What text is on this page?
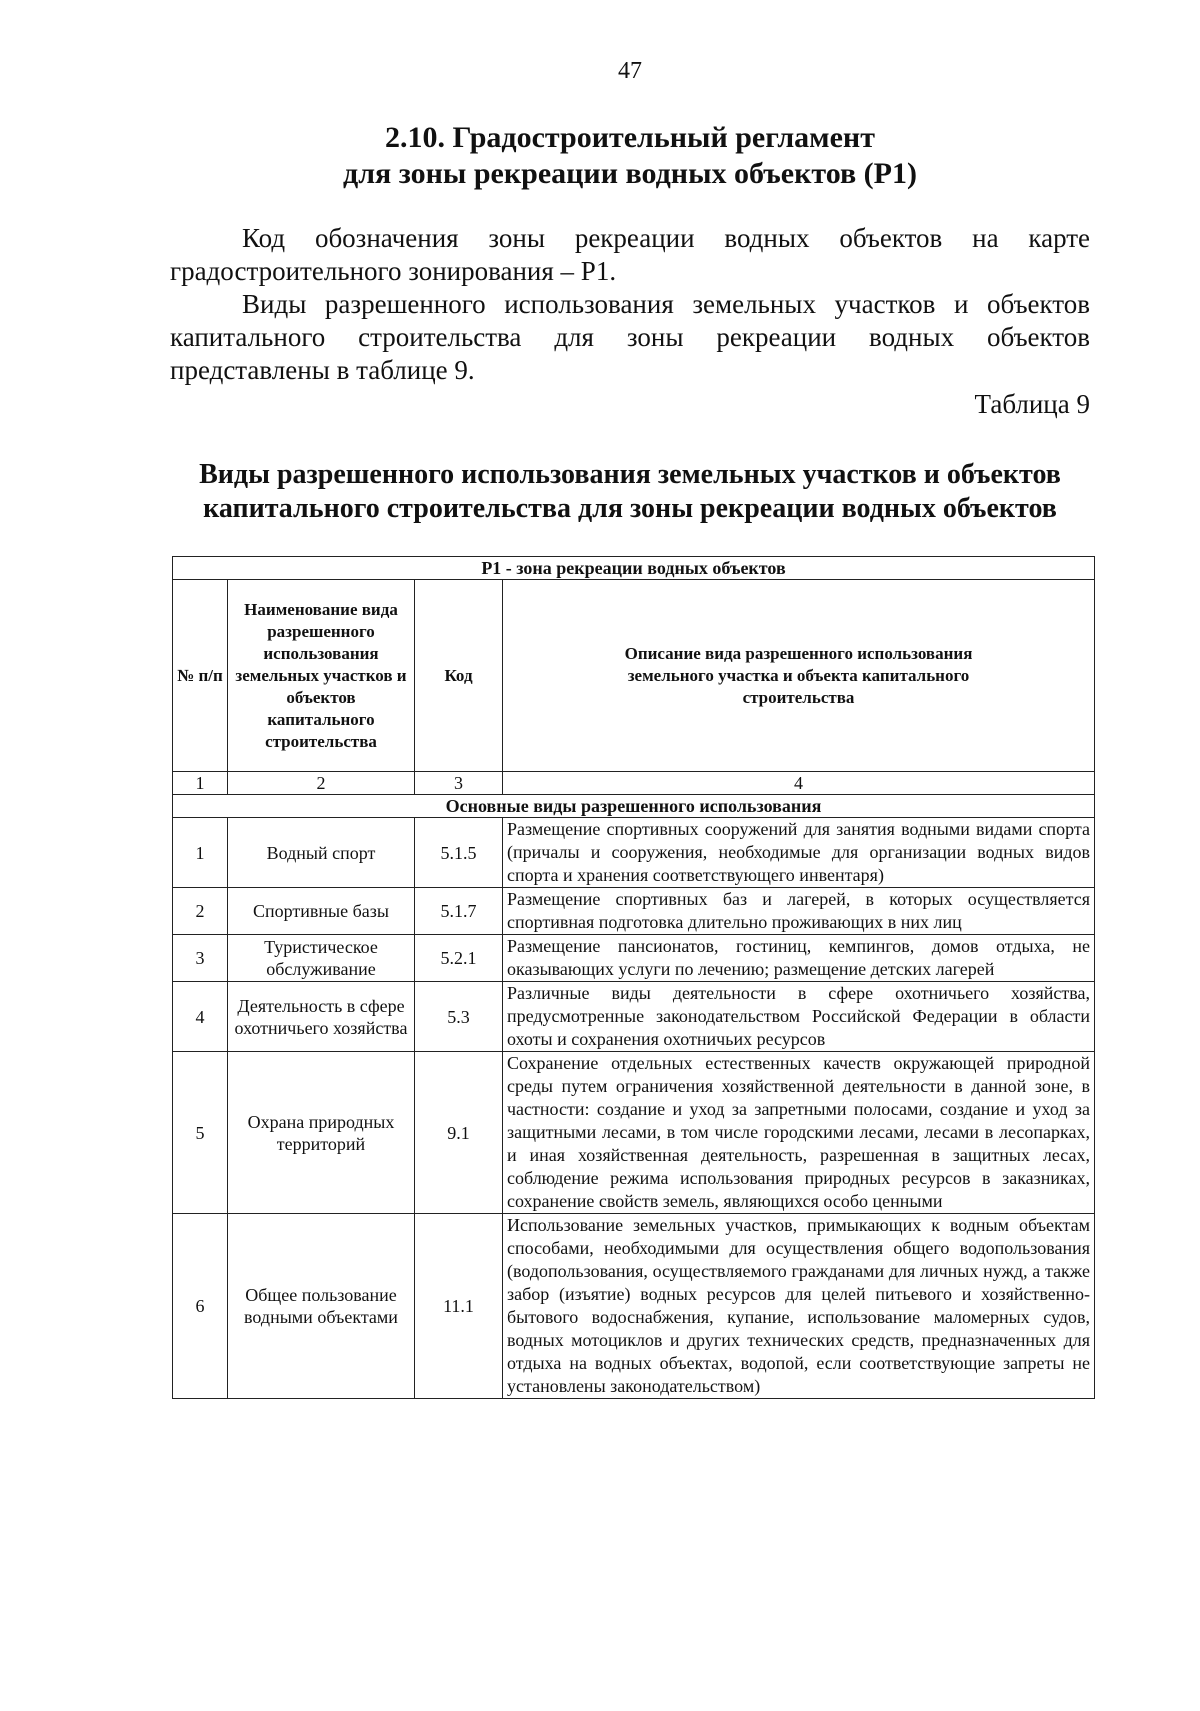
47
2.10. Градостроительный регламент
для зоны рекреации водных объектов (Р1)
Код обозначения зоны рекреации водных объектов на карте градостроительного зонирования – Р1.
Виды разрешенного использования земельных участков и объектов капитального строительства для зоны рекреации водных объектов представлены в таблице 9.
Таблица 9
Виды разрешенного использования земельных участков и объектов
капитального строительства для зоны рекреации водных объектов
Р1 - зона рекреации водных объектов			
№ п/п	Наименование вида разрешенного использования земельных участков и объектов капитального строительства	Код	Описание вида разрешенного использования земельного участка и объекта капитального строительства
1	2	3	4
Основные виды разрешенного использования			
1	Водный спорт	5.1.5	Размещение спортивных сооружений для занятия водными видами спорта (причалы и сооружения, необходимые для организации водных видов спорта и хранения соответствующего инвентаря)
2	Спортивные базы	5.1.7	Размещение спортивных баз и лагерей, в которых осуществляется спортивная подготовка длительно проживающих в них лиц
3	Туристическое обслуживание	5.2.1	Размещение пансионатов, гостиниц, кемпингов, домов отдыха, не оказывающих услуги по лечению; размещение детских лагерей
4	Деятельность в сфере охотничьего хозяйства	5.3	Различные виды деятельности в сфере охотничьего хозяйства, предусмотренные законодательством Российской Федерации в области охоты и сохранения охотничьих ресурсов
5	Охрана природных территорий	9.1	Сохранение отдельных естественных качеств окружающей природной среды путем ограничения хозяйственной деятельности в данной зоне, в частности: создание и уход за запретными полосами, создание и уход за защитными лесами, в том числе городскими лесами, лесами в лесопарках, и иная хозяйственная деятельность, разрешенная в защитных лесах, соблюдение режима использования природных ресурсов в заказниках, сохранение свойств земель, являющихся особо ценными
6	Общее пользование водными объектами	11.1	Использование земельных участков, примыкающих к водным объектам способами, необходимыми для осуществления общего водопользования (водопользования, осуществляемого гражданами для личных нужд, а также забор (изъятие) водных ресурсов для целей питьевого и хозяйственно-бытового водоснабжения, купание, использование маломерных судов, водных мотоциклов и других технических средств, предназначенных для отдыха на водных объектах, водопой, если соответствующие запреты не установлены законодательством)
